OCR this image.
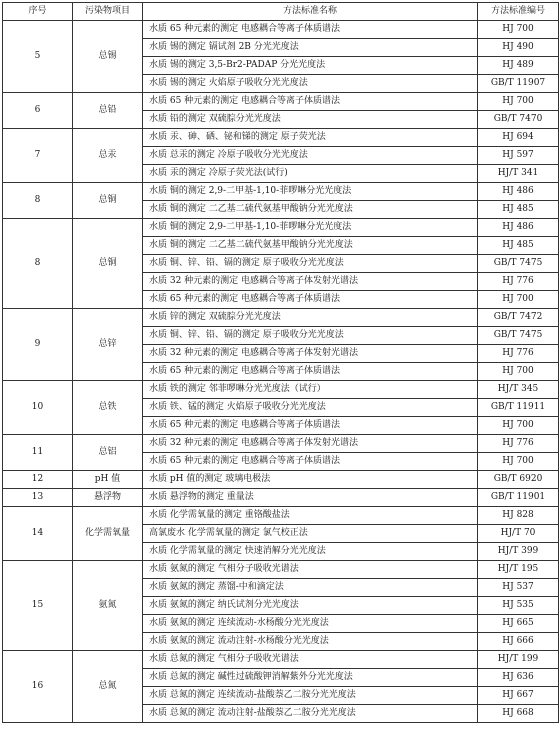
序号	污染物项目	方法标准名称	方法标准编号
5	总锡	水质 65 种元素的测定 电感耦合等离子体质谱法	HJ 700
		水质 锡的测定 镉试剂 2B 分光光度法	HJ 490
		水质 锡的测定 3,5-Br2-PADAP 分光光度法	HJ 489
		水质 锡的测定 火焰原子吸收分光光度法	GB/T 11907
6	总铅	水质 65 种元素的测定 电感耦合等离子体质谱法	HJ 700
		水质 铅的测定 双硫腙分光光度法	GB/T 7470
7	总汞	水质 汞、砷、硒、铋和锑的测定 原子荧光法	HJ 694
		水质 总汞的测定 冷原子吸收分光光度法	HJ 597
		水质 汞的测定 冷原子荧光法(试行)	HJ/T 341
8	总铜	水质 铜的测定 2,9-二甲基-1,10-菲啰啉分光光度法	HJ 486
		水质 铜的测定 二乙基二硫代氨基甲酸钠分光光度法	HJ 485
8	总铜	水质 铜的测定 2,9-二甲基-1,10-菲啰啉分光光度法	HJ 486
		水质 铜的测定 二乙基二硫代氨基甲酸钠分光光度法	HJ 485
		水质 铜、锌、铅、镉的测定 原子吸收分光光度法	GB/T 7475
		水质 32 种元素的测定 电感耦合等离子体发射光谱法	HJ 776
		水质 65 种元素的测定 电感耦合等离子体质谱法	HJ 700
9	总锌	水质 锌的测定 双硫腙分光光度法	GB/T 7472
		水质 铜、锌、铅、镉的测定 原子吸收分光光度法	GB/T 7475
		水质 32 种元素的测定 电感耦合等离子体发射光谱法	HJ 776
		水质 65 种元素的测定 电感耦合等离子体质谱法	HJ 700
10	总铁	水质 铁的测定 邻菲啰啉分光光度法（试行）	HJ/T 345
		水质 铁、锰的测定 火焰原子吸收分光光度法	GB/T 11911
		水质 65 种元素的测定 电感耦合等离子体质谱法	HJ 700
11	总铝	水质 32 种元素的测定 电感耦合等离子体发射光谱法	HJ 776
		水质 65 种元素的测定 电感耦合等离子体质谱法	HJ 700
12	pH 值	水质 pH 值的测定 玻璃电极法	GB/T 6920
13	悬浮物	水质 悬浮物的测定 重量法	GB/T 11901
14	化学需氧量	水质 化学需氧量的测定 重铬酸盐法	HJ 828
		高氯废水 化学需氧量的测定 氯气校正法	HJ/T 70
		水质 化学需氧量的测定 快速消解分光光度法	HJ/T 399
15	氨氮	水质 氨氮的测定 气相分子吸收光谱法	HJ/T 195
		水质 氨氮的测定 蒸馏-中和滴定法	HJ 537
		水质 氨氮的测定 纳氏试剂分光光度法	HJ 535
		水质 氨氮的测定 连续流动-水杨酸分光光度法	HJ 665
		水质 氨氮的测定 流动注射-水杨酸分光光度法	HJ 666
16	总氮	水质 总氮的测定 气相分子吸收光谱法	HJ/T 199
		水质 总氮的测定 碱性过硫酸钾消解紫外分光光度法	HJ 636
		水质 总氮的测定 连续流动-盐酸萘乙二胺分光光度法	HJ 667
		水质 总氮的测定 流动注射-盐酸萘乙二胺分光光度法	HJ 668
